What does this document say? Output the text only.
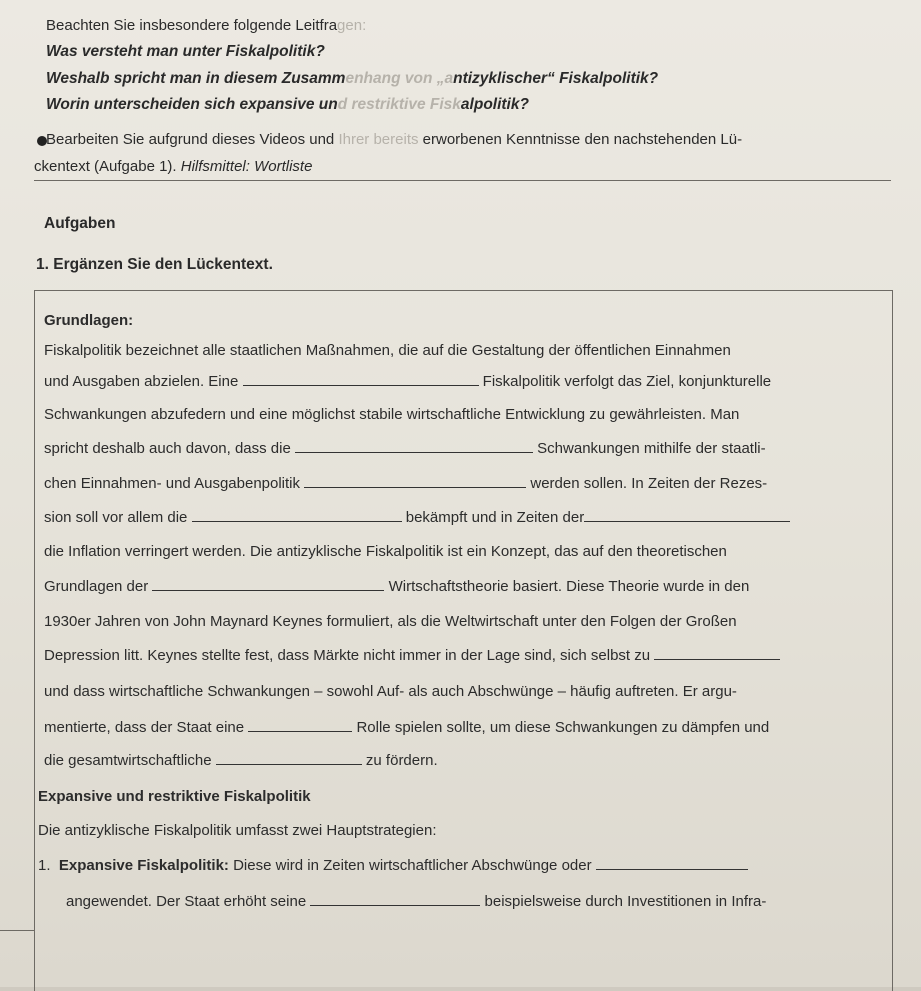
Beachten Sie insbesondere folgende Leitfragen:
Was versteht man unter Fiskalpolitik?
Weshalb spricht man in diesem Zusammenhang von „antizyklischer“ Fiskalpolitik?
Worin unterscheiden sich expansive und restriktive Fiskalpolitik?
Bearbeiten Sie aufgrund dieses Videos und Ihrer bereits erworbenen Kenntnisse den nachstehenden Lü-
ckentext (Aufgabe 1). Hilfsmittel: Wortliste
Aufgaben
1. Ergänzen Sie den Lückentext.
Grundlagen:
Fiskalpolitik bezeichnet alle staatlichen Maßnahmen, die auf die Gestaltung der öffentlichen Einnahmen
und Ausgaben abzielen. Eine	Fiskalpolitik verfolgt das Ziel, konjunkturelle
Schwankungen abzufedern und eine möglichst stabile wirtschaftliche Entwicklung zu gewährleisten. Man
spricht deshalb auch davon, dass die	Schwankungen mithilfe der staatli-
chen Einnahmen- und Ausgabenpolitik	werden sollen. In Zeiten der Rezes-
sion soll vor allem die	bekämpft und in Zeiten der
die Inflation verringert werden. Die antizyklische Fiskalpolitik ist ein Konzept, das auf den theoretischen
Grundlagen der	Wirtschaftstheorie basiert. Diese Theorie wurde in den
1930er Jahren von John Maynard Keynes formuliert, als die Weltwirtschaft unter den Folgen der Großen
Depression litt. Keynes stellte fest, dass Märkte nicht immer in der Lage sind, sich selbst zu
und dass wirtschaftliche Schwankungen – sowohl Auf- als auch Abschwünge – häufig auftreten. Er argu-
mentierte, dass der Staat eine	Rolle spielen sollte, um diese Schwankungen zu dämpfen und
die gesamtwirtschaftliche	zu fördern.
Expansive und restriktive Fiskalpolitik
Die antizyklische Fiskalpolitik umfasst zwei Hauptstrategien:
1. Expansive Fiskalpolitik: Diese wird in Zeiten wirtschaftlicher Abschwünge oder
angewendet. Der Staat erhöht seine	beispielsweise durch Investitionen in Infra-
